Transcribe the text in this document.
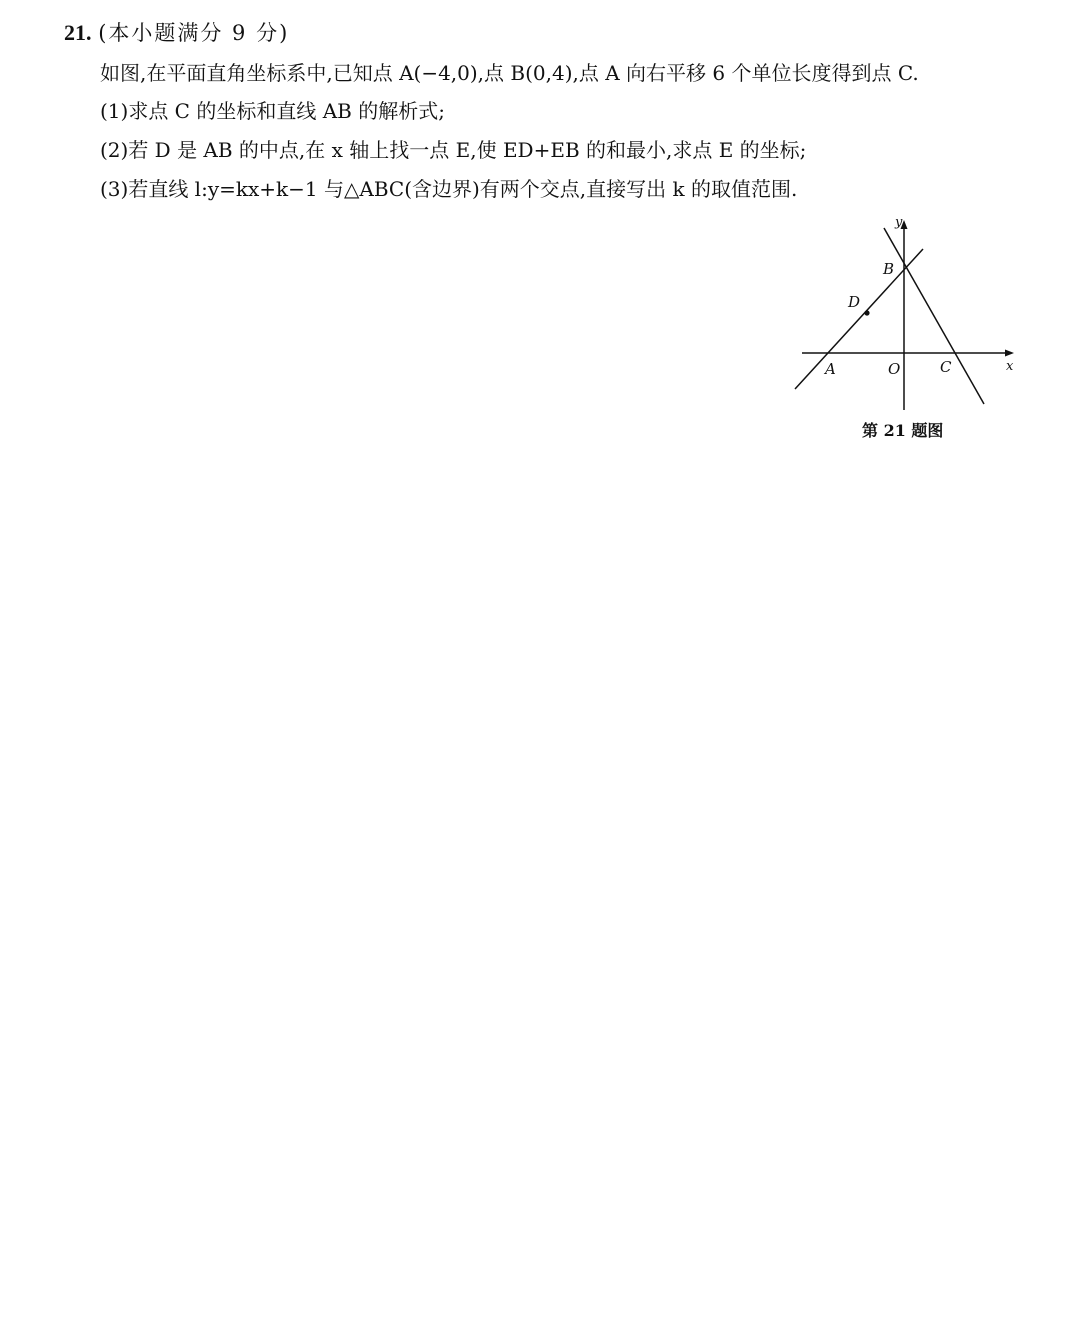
21. (本小题满分 9 分)
如图,在平面直角坐标系中,已知点 A(−4,0),点 B(0,4),点 A 向右平移 6 个单位长度得到点 C.
(1)求点 C 的坐标和直线 AB 的解析式;
(2)若 D 是 AB 的中点,在 x 轴上找一点 E,使 ED+EB 的和最小,求点 E 的坐标;
(3)若直线 l:y=kx+k−1 与△ABC(含边界)有两个交点,直接写出 k 的取值范围.
y
x
B
D
A	O	C
第 21 题图
